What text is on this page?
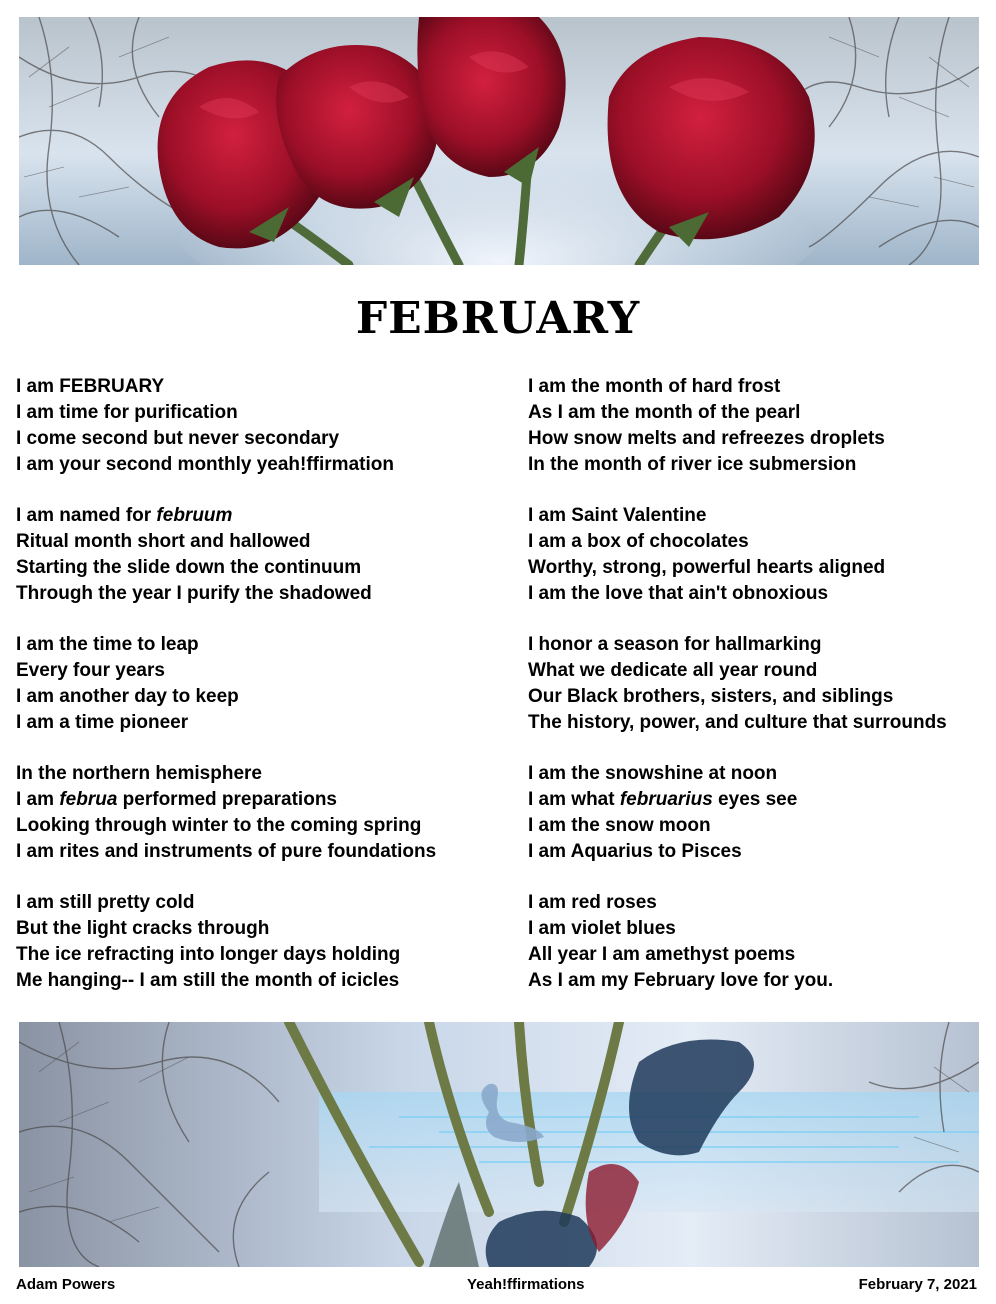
FEBRUARY
I am FEBRUARY
I am time for purification
I come second but never secondary
I am your second monthly yeah!ffirmation
I am named for februum
Ritual month short and hallowed
Starting the slide down the continuum
Through the year I purify the shadowed
I am the time to leap
Every four years
I am another day to keep
I am a time pioneer
In the northern hemisphere
I am februa performed preparations
Looking through winter to the coming spring
I am rites and instruments of pure foundations
I am still pretty cold
But the light cracks through
The ice refracting into longer days holding
Me hanging-- I am still the month of icicles
I am the month of hard frost
As I am the month of the pearl
How snow melts and refreezes droplets
In the month of river ice submersion
I am Saint Valentine
I am a box of chocolates
Worthy, strong, powerful hearts aligned
I am the love that ain't obnoxious
I honor a season for hallmarking
What we dedicate all year round
Our Black brothers, sisters, and siblings
The history, power, and culture that surrounds
I am the snowshine at noon
I am what februarius eyes see
I am the snow moon
I am Aquarius to Pisces
I am red roses
I am violet blues
All year I am amethyst poems
As I am my February love for you.
Adam Powers	Yeah!ffirmations	February 7, 2021
